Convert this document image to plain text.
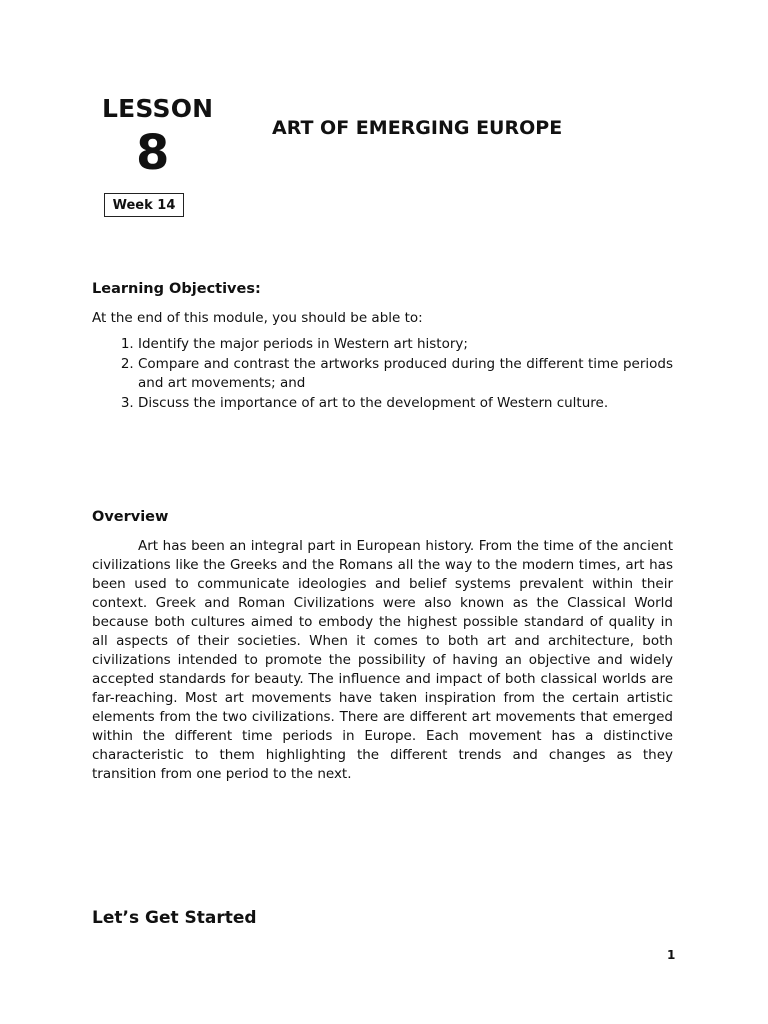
LESSON
8
Week 14
ART OF EMERGING EUROPE
Learning Objectives:
At the end of this module, you should be able to:
1. Identify the major periods in Western art history;
2. Compare and contrast the artworks produced during the different time periods and art movements; and
3. Discuss the importance of art to the development of Western culture.
Overview

Art has been an integral part in European history. From the time of the ancient civilizations like the Greeks and the Romans all the way to the modern times, art has been used to communicate ideologies and belief systems prevalent within their context. Greek and Roman Civilizations were also known as the Classical World because both cultures aimed to embody the highest possible standard of quality in all aspects of their societies. When it comes to both art and architecture, both civilizations intended to promote the possibility of having an objective and widely accepted standards for beauty. The influence and impact of both classical worlds are far-reaching. Most art movements have taken inspiration from the certain artistic elements from the two civilizations. There are different art movements that emerged within the different time periods in Europe. Each movement has a distinctive characteristic to them highlighting the different trends and changes as they transition from one period to the next.

Let’s Get Started
1
